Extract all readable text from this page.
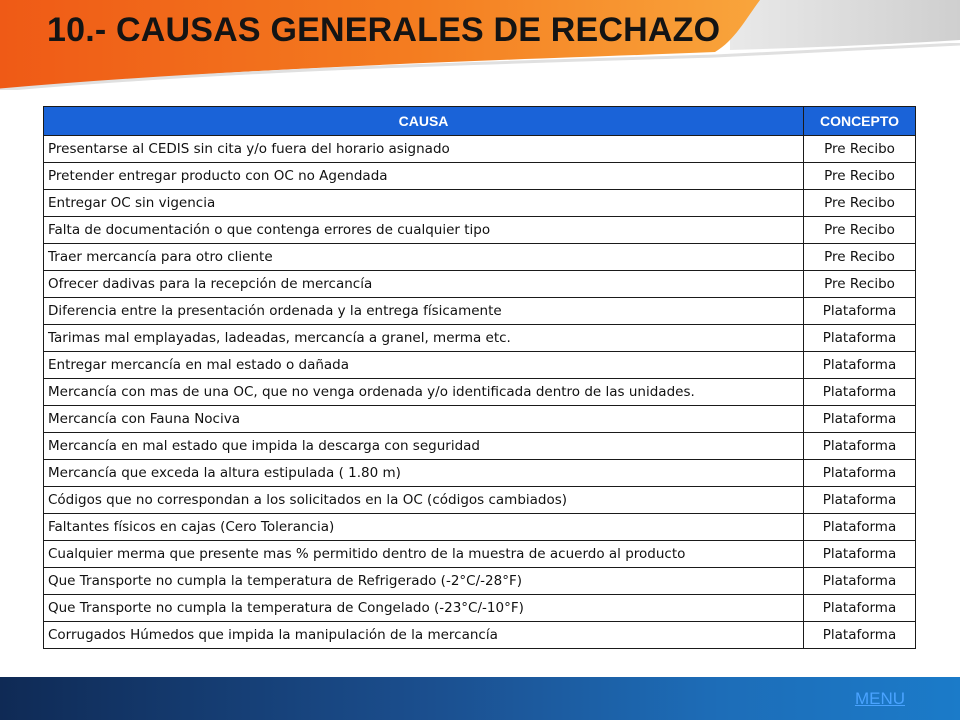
10.- CAUSAS GENERALES DE RECHAZO
CAUSA	CONCEPTO
Presentarse al CEDIS sin cita y/o fuera del horario asignado	Pre Recibo
Pretender entregar producto con OC no Agendada	Pre Recibo
Entregar OC sin vigencia	Pre Recibo
Falta de documentación o que contenga errores de cualquier tipo	Pre Recibo
Traer mercancía para otro cliente	Pre Recibo
Ofrecer dadivas para la recepción de mercancía	Pre Recibo
Diferencia entre la presentación ordenada y la entrega físicamente	Plataforma
Tarimas mal emplayadas, ladeadas, mercancía a granel, merma etc.	Plataforma
Entregar mercancía en mal estado o dañada	Plataforma
Mercancía con mas de una OC, que no venga ordenada y/o identificada dentro de las unidades.	Plataforma
Mercancía con Fauna Nociva	Plataforma
Mercancía en mal estado que impida la descarga con seguridad	Plataforma
Mercancía que exceda la altura estipulada ( 1.80 m)	Plataforma
Códigos que no correspondan a los solicitados en la OC (códigos cambiados)	Plataforma
Faltantes físicos en cajas (Cero Tolerancia)	Plataforma
Cualquier merma que presente mas % permitido dentro de la muestra de acuerdo al producto	Plataforma
Que Transporte no cumpla la temperatura de Refrigerado (-2°C/-28°F)	Plataforma
Que Transporte no cumpla la temperatura de Congelado (-23°C/-10°F)	Plataforma
Corrugados Húmedos que impida la manipulación de la mercancía	Plataforma
MENU
